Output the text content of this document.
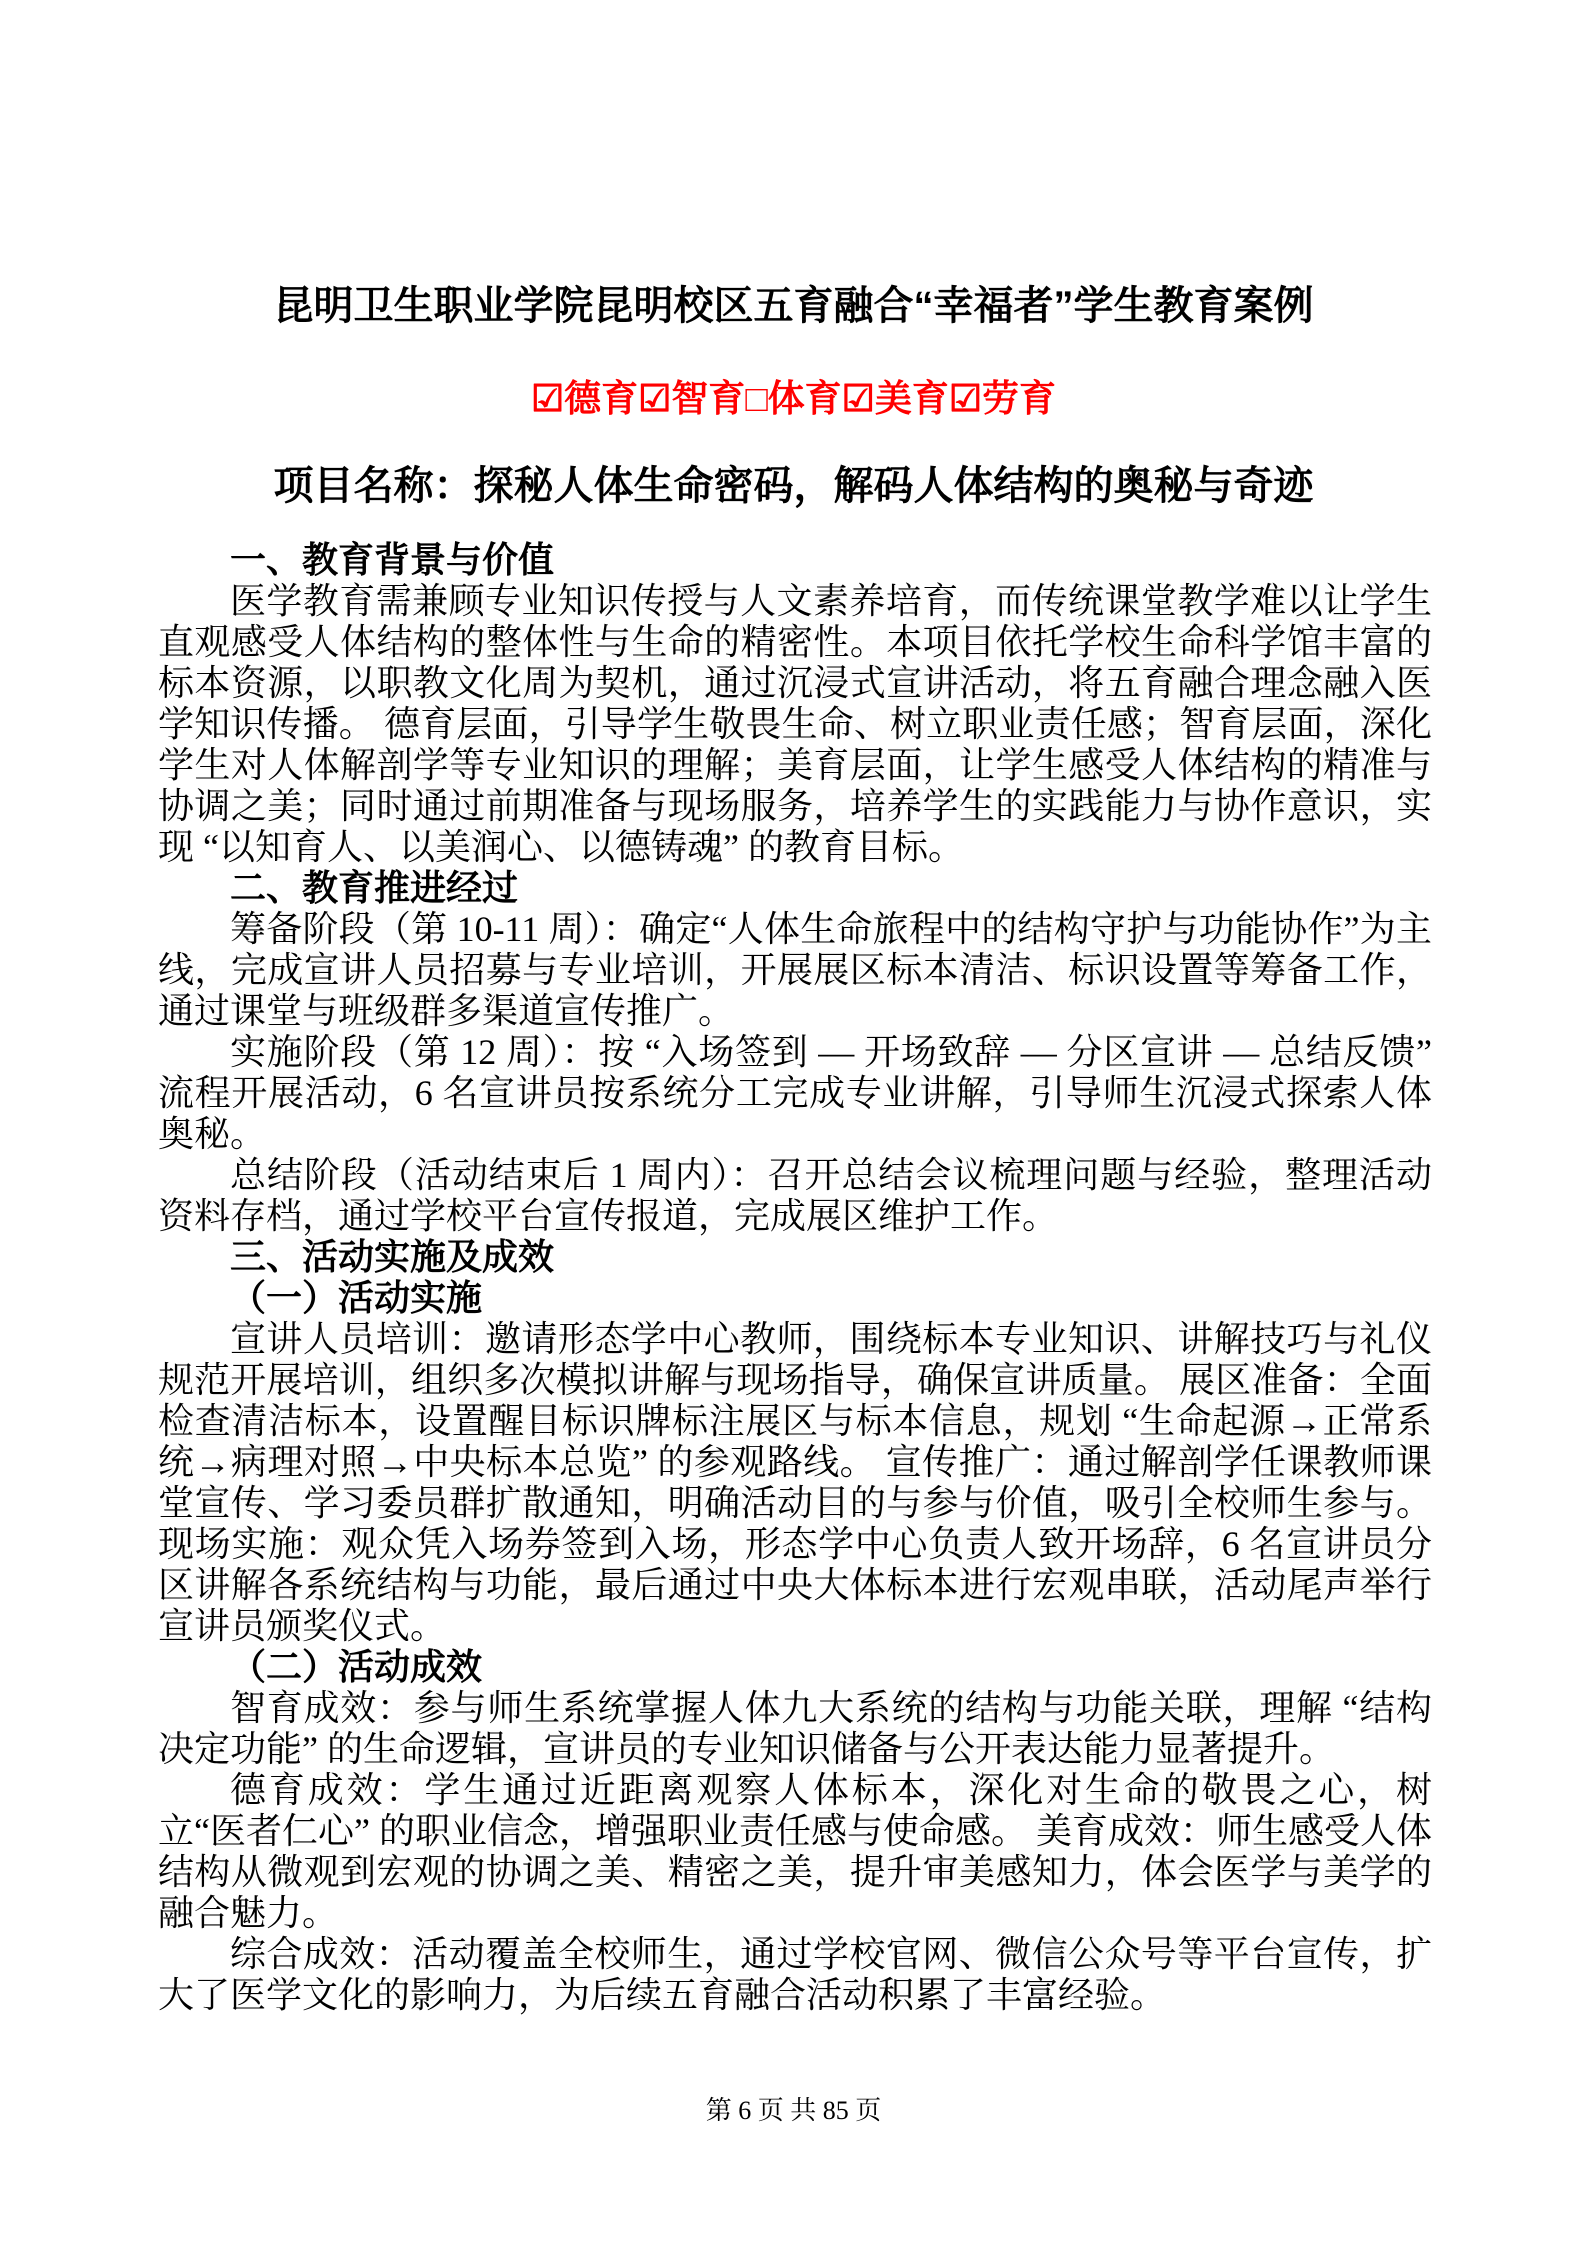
昆明卫生职业学院昆明校区五育融合“幸福者”学生教育案例
☑德育☑智育□体育☑美育☑劳育
项目名称：探秘人体生命密码，解码人体结构的奥秘与奇迹

一、教育背景与价值

医学教育需兼顾专业知识传授与人文素养培育，而传统课堂教学难以让学生直观感受人体结构的整体性与生命的精密性。本项目依托学校生命科学馆丰富的标本资源，以职教文化周为契机，通过沉浸式宣讲活动，将五育融合理念融入医学知识传播。 德育层面，引导学生敬畏生命、树立职业责任感；智育层面，深化学生对人体解剖学等专业知识的理解；美育层面，让学生感受人体结构的精准与协调之美；同时通过前期准备与现场服务，培养学生的实践能力与协作意识，实现 “以知育人、以美润心、以德铸魂” 的教育目标。

二、教育推进经过

筹备阶段（第 10-11 周）：确定“人体生命旅程中的结构守护与功能协作”为主线，完成宣讲人员招募与专业培训，开展展区标本清洁、标识设置等筹备工作，通过课堂与班级群多渠道宣传推广。

实施阶段（第 12 周）：按 “入场签到 — 开场致辞 — 分区宣讲 — 总结反馈” 流程开展活动，6 名宣讲员按系统分工完成专业讲解，引导师生沉浸式探索人体奥秘。

总结阶段（活动结束后 1 周内）：召开总结会议梳理问题与经验，整理活动资料存档，通过学校平台宣传报道，完成展区维护工作。

三、活动实施及成效

（一）活动实施

宣讲人员培训：邀请形态学中心教师，围绕标本专业知识、讲解技巧与礼仪规范开展培训，组织多次模拟讲解与现场指导，确保宣讲质量。 展区准备：全面检查清洁标本，设置醒目标识牌标注展区与标本信息，规划 “生命起源→正常系统→病理对照→中央标本总览” 的参观路线。 宣传推广：通过解剖学任课教师课堂宣传、学习委员群扩散通知，明确活动目的与参与价值，吸引全校师生参与。 现场实施：观众凭入场券签到入场，形态学中心负责人致开场辞，6 名宣讲员分区讲解各系统结构与功能，最后通过中央大体标本进行宏观串联，活动尾声举行宣讲员颁奖仪式。

（二）活动成效

智育成效：参与师生系统掌握人体九大系统的结构与功能关联，理解 “结构决定功能” 的生命逻辑，宣讲员的专业知识储备与公开表达能力显著提升。

德育成效：学生通过近距离观察人体标本，深化对生命的敬畏之心，树立“医者仁心” 的职业信念，增强职业责任感与使命感。 美育成效：师生感受人体结构从微观到宏观的协调之美、精密之美，提升审美感知力，体会医学与美学的融合魅力。

综合成效：活动覆盖全校师生，通过学校官网、微信公众号等平台宣传，扩大了医学文化的影响力，为后续五育融合活动积累了丰富经验。

第 6 页 共 85 页
